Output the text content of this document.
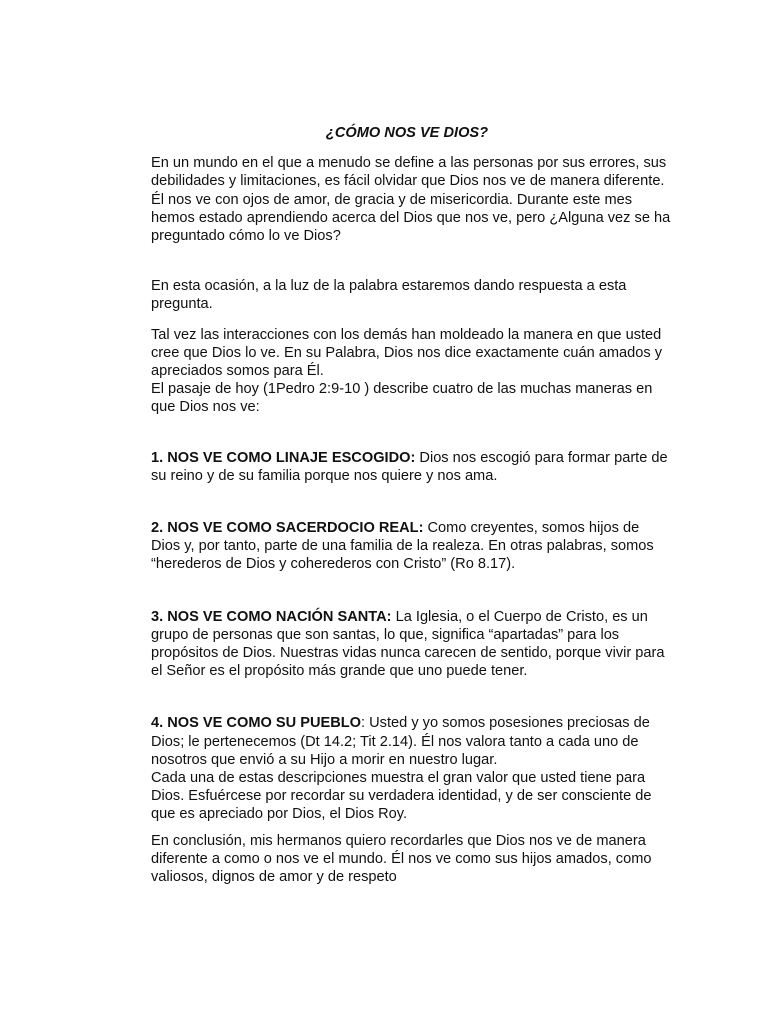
¿CÓMO NOS VE DIOS?

En un mundo en el que a menudo se define a las personas por sus errores, sus debilidades y limitaciones, es fácil olvidar que Dios nos ve de manera diferente. Él nos ve con ojos de amor, de gracia y de misericordia. Durante este mes hemos estado aprendiendo acerca del Dios que nos ve, pero ¿Alguna vez se ha preguntado cómo lo ve Dios?

En esta ocasión, a la luz de la palabra estaremos dando respuesta a esta pregunta.

Tal vez las interacciones con los demás han moldeado la manera en que usted cree que Dios lo ve. En su Palabra, Dios nos dice exactamente cuán amados y apreciados somos para Él.

El pasaje de hoy (1Pedro 2:9-10 ) describe cuatro de las muchas maneras en que Dios nos ve:

1. NOS VE COMO LINAJE ESCOGIDO: Dios nos escogió para formar parte de su reino y de su familia porque nos quiere y nos ama.

2. NOS VE COMO SACERDOCIO REAL: Como creyentes, somos hijos de Dios y, por tanto, parte de una familia de la realeza. En otras palabras, somos “herederos de Dios y coherederos con Cristo” (Ro 8.17).

3. NOS VE COMO NACIÓN SANTA: La Iglesia, o el Cuerpo de Cristo, es un grupo de personas que son santas, lo que, significa “apartadas” para los propósitos de Dios. Nuestras vidas nunca carecen de sentido, porque vivir para el Señor es el propósito más grande que uno puede tener.

4. NOS VE COMO SU PUEBLO: Usted y yo somos posesiones preciosas de Dios; le pertenecemos (Dt 14.2; Tit 2.14). Él nos valora tanto a cada uno de nosotros que envió a su Hijo a morir en nuestro lugar.

Cada una de estas descripciones muestra el gran valor que usted tiene para Dios. Esfuércese por recordar su verdadera identidad, y de ser consciente de que es apreciado por Dios, el Dios Roy.

En conclusión, mis hermanos quiero recordarles que Dios nos ve de manera diferente a como o nos ve el mundo. Él nos ve como sus hijos amados, como valiosos, dignos de amor y de respeto
